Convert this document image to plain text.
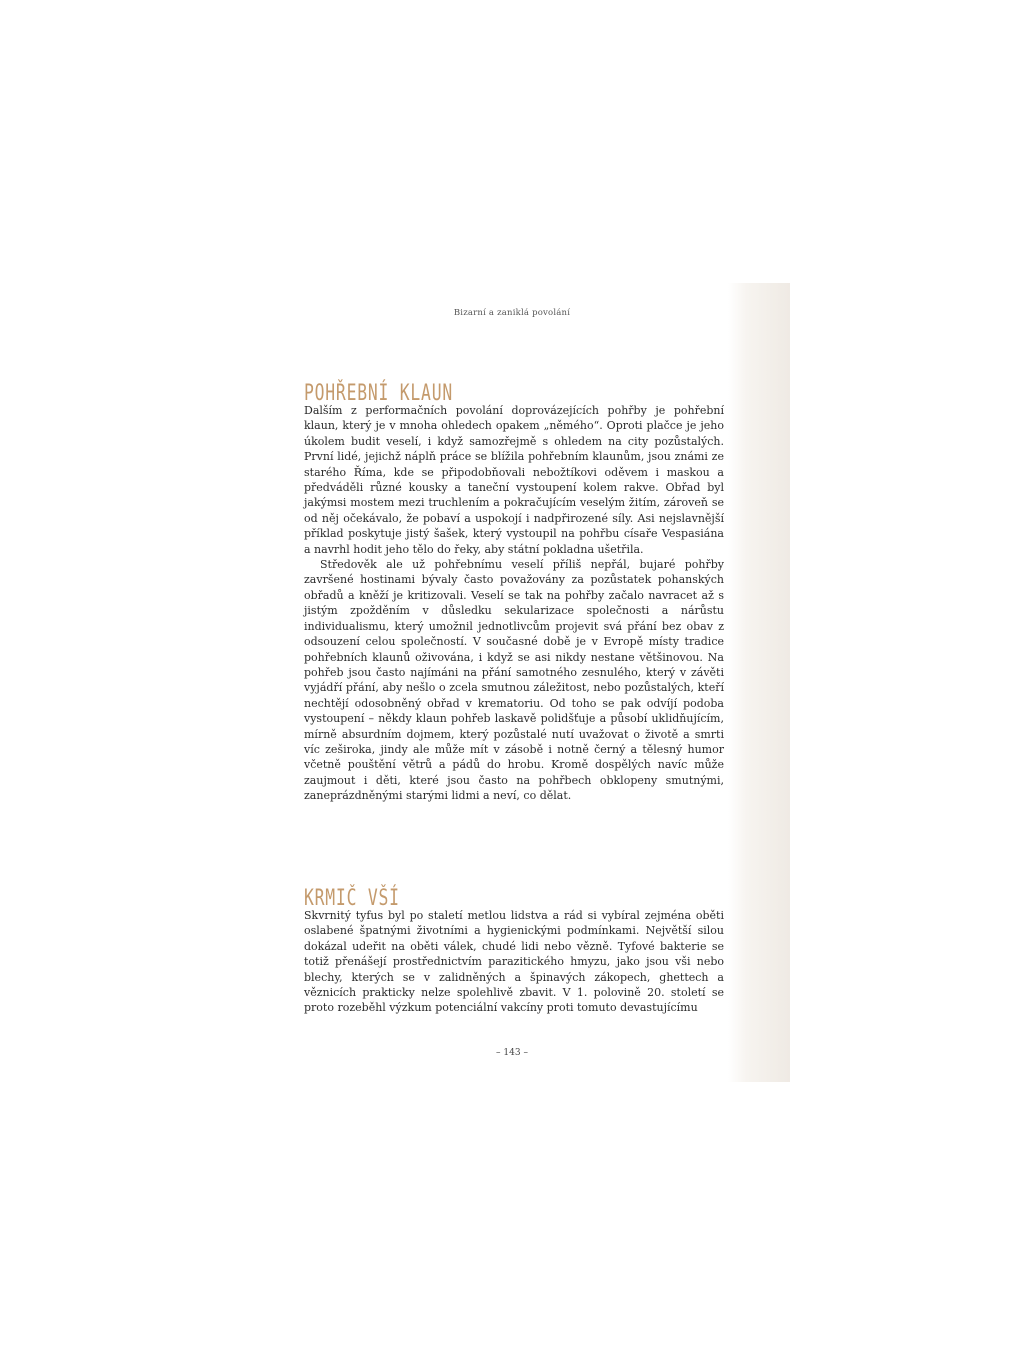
Bizarní a zaniklá povolání
POHŘEBNÍ KLAUN

Dalším z performačních povolání doprovázejících pohřby je pohřební klaun, který je v mnoha ohledech opakem „němého“. Oproti plačce je jeho úkolem budit veselí, i když samozřejmě s ohledem na city pozůstalých. První lidé, jejichž náplň práce se blížila pohřebním klaunům, jsou známi ze starého Říma, kde se připodobňovali nebožtíkovi oděvem i maskou a předváděli různé kousky a taneční vystoupení kolem rakve. Obřad byl jakýmsi mostem mezi truchlením a pokračujícím veselým žitím, zároveň se od něj očekávalo, že pobaví a uspokojí i nadpřirozené síly. Asi nejslavnější příklad poskytuje jistý šašek, který vystoupil na pohřbu císaře Vespasiána a navrhl hodit jeho tělo do řeky, aby státní pokladna ušetřila.

Středověk ale už pohřebnímu veselí příliš nepřál, bujaré pohřby završené hostinami bývaly často považovány za pozůstatek pohanských obřadů a kněží je kritizovali. Veselí se tak na pohřby začalo navracet až s jistým zpožděním v důsledku sekularizace společnosti a nárůstu individualismu, který umožnil jednotlivcům projevit svá přání bez obav z odsouzení celou společností. V současné době je v Evropě místy tradice pohřebních klaunů oživována, i když se asi nikdy nestane většinovou. Na pohřeb jsou často najímáni na přání samotného zesnulého, který v závěti vyjádří přání, aby nešlo o zcela smutnou záležitost, nebo pozůstalých, kteří nechtějí odosobněný obřad v krematoriu. Od toho se pak odvíjí podoba vystoupení – někdy klaun pohřeb laskavě polidšťuje a působí uklidňujícím, mírně absurdním dojmem, který pozůstalé nutí uvažovat o životě a smrti víc zeširoka, jindy ale může mít v zásobě i notně černý a tělesný humor včetně pouštění větrů a pádů do hrobu. Kromě dospělých navíc může zaujmout i děti, které jsou často na pohřbech obklopeny smutnými, zaneprázdněnými starými lidmi a neví, co dělat.

KRMIČ VŠÍ

Skvrnitý tyfus byl po staletí metlou lidstva a rád si vybíral zejména oběti oslabené špatnými životními a hygienickými podmínkami. Největší silou dokázal udeřit na oběti válek, chudé lidi nebo vězně. Tyfové bakterie se totiž přenášejí prostřednictvím parazitického hmyzu, jako jsou vši nebo blechy, kterých se v zalidněných a špinavých zákopech, ghettech a věznicích prakticky nelze spolehlivě zbavit. V 1. polovině 20. století se proto rozeběhl výzkum potenciální vakcíny proti tomuto devastujícímu

– 143 –
